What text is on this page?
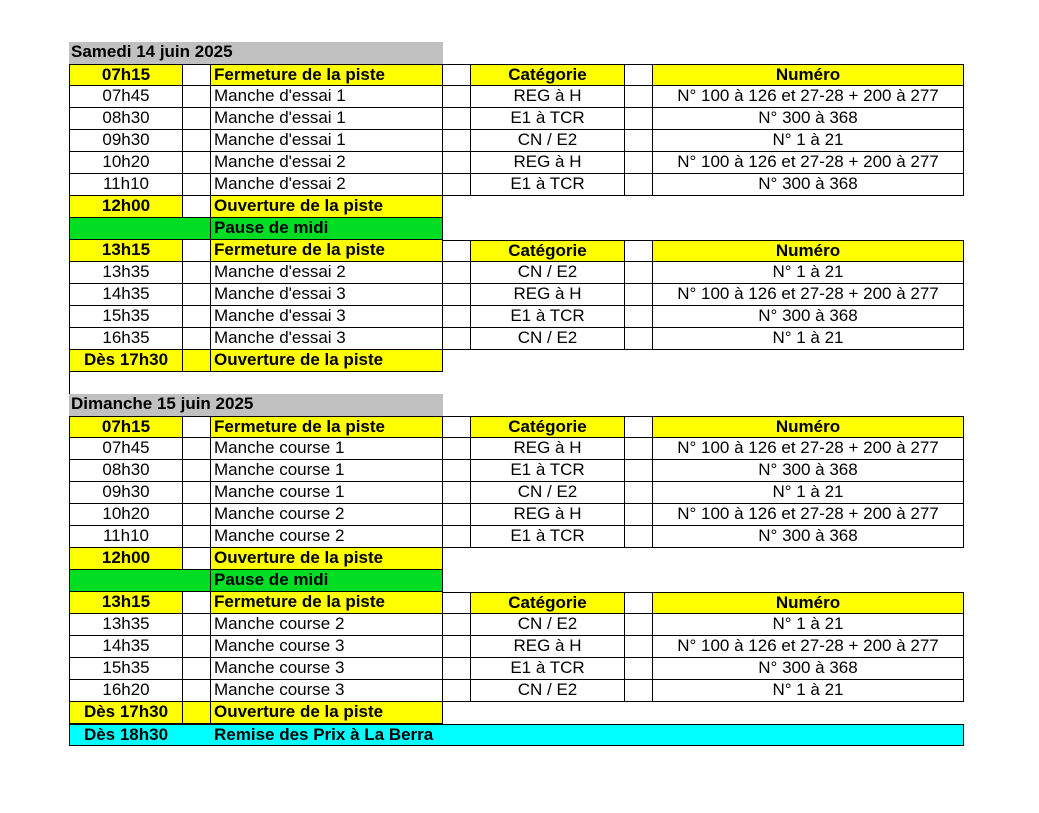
Samedi 14 juin 2025
07h15	Fermeture de la piste	Catégorie	Numéro
07h45	Manche d'essai 1	REG à H	N° 100 à 126 et 27-28 + 200 à 277
08h30	Manche d'essai 1	E1 à TCR	N° 300 à 368
09h30	Manche d'essai 1	CN / E2	N° 1 à 21
10h20	Manche d'essai 2	REG à H	N° 100 à 126 et 27-28 + 200 à 277
11h10	Manche d'essai 2	E1 à TCR	N° 300 à 368
12h00	Ouverture de la piste
Pause de midi
13h15	Fermeture de la piste	Catégorie	Numéro
13h35	Manche d'essai 2	CN / E2	N° 1 à 21
14h35	Manche d'essai 3	REG à H	N° 100 à 126 et 27-28 + 200 à 277
15h35	Manche d'essai 3	E1 à TCR	N° 300 à 368
16h35	Manche d'essai 3	CN / E2	N° 1 à 21
Dès 17h30	Ouverture de la piste
Dimanche 15 juin 2025
07h15	Fermeture de la piste	Catégorie	Numéro
07h45	Manche course 1	REG à H	N° 100 à 126 et 27-28 + 200 à 277
08h30	Manche course 1	E1 à TCR	N° 300 à 368
09h30	Manche course 1	CN / E2	N° 1 à 21
10h20	Manche course 2	REG à H	N° 100 à 126 et 27-28 + 200 à 277
11h10	Manche course 2	E1 à TCR	N° 300 à 368
12h00	Ouverture de la piste
Pause de midi
13h15	Fermeture de la piste	Catégorie	Numéro
13h35	Manche course 2	CN / E2	N° 1 à 21
14h35	Manche course 3	REG à H	N° 100 à 126 et 27-28 + 200 à 277
15h35	Manche course 3	E1 à TCR	N° 300 à 368
16h20	Manche course 3	CN / E2	N° 1 à 21
Dès 17h30	Ouverture de la piste
Dès 18h30	Remise des Prix à La Berra
